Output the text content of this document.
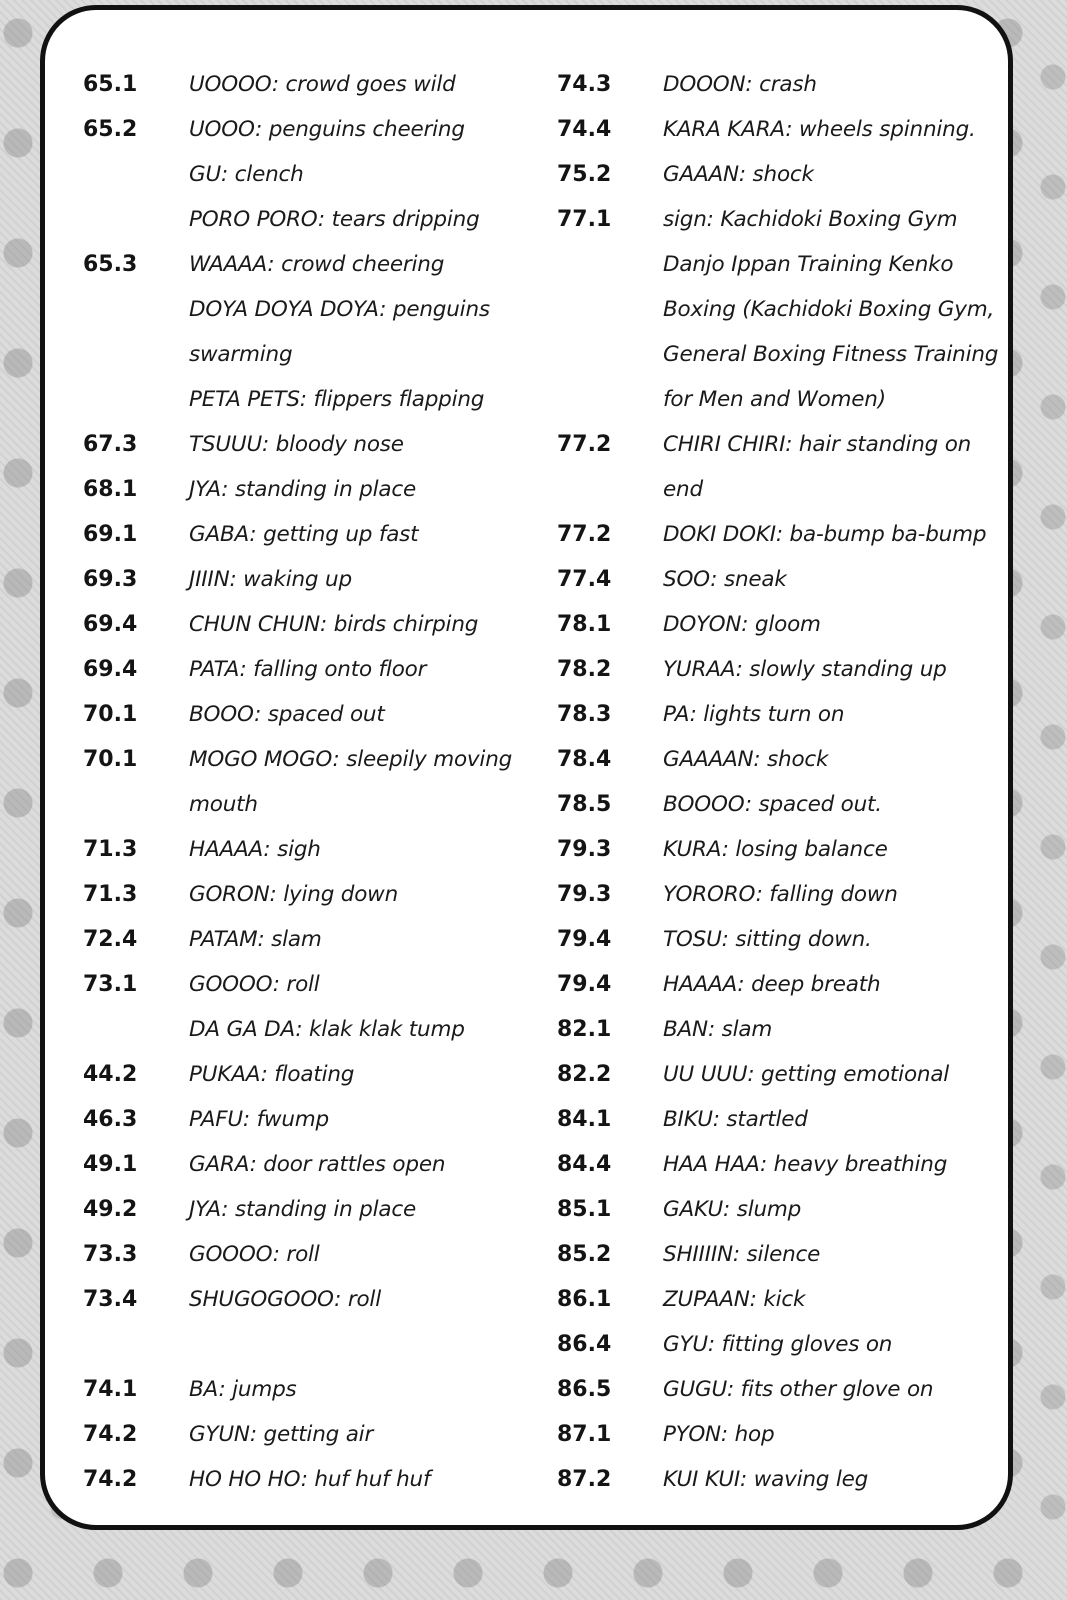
65.1 UOOOO: crowd goes wild
65.2 UOOO: penguins cheering
GU: clench
PORO PORO: tears dripping
65.3 WAAAA: crowd cheering
DOYA DOYA DOYA: penguins
swarming
PETA PETS: flippers flapping
67.3 TSUUU: bloody nose
68.1 JYA: standing in place
69.1 GABA: getting up fast
69.3 JIIIN: waking up
69.4 CHUN CHUN: birds chirping
69.4 PATA: falling onto floor
70.1 BOOO: spaced out
70.1 MOGO MOGO: sleepily moving
mouth
71.3 HAAAA: sigh
71.3 GORON: lying down
72.4 PATAM: slam
73.1 GOOOO: roll
DA GA DA: klak klak tump
44.2 PUKAA: floating
46.3 PAFU: fwump
49.1 GARA: door rattles open
49.2 JYA: standing in place
73.3 GOOOO: roll
73.4 SHUGOGOOO: roll
74.1 BA: jumps
74.2 GYUN: getting air
74.2 HO HO HO: huf huf huf
74.3 DOOON: crash
74.4 KARA KARA: wheels spinning.
75.2 GAAAN: shock
77.1 sign: Kachidoki Boxing Gym
Danjo Ippan Training Kenko
Boxing (Kachidoki Boxing Gym,
General Boxing Fitness Training
for Men and Women)
77.2 CHIRI CHIRI: hair standing on
end
77.2 DOKI DOKI: ba-bump ba-bump
77.4 SOO: sneak
78.1 DOYON: gloom
78.2 YURAA: slowly standing up
78.3 PA: lights turn on
78.4 GAAAAN: shock
78.5 BOOOO: spaced out.
79.3 KURA: losing balance
79.3 YORORO: falling down
79.4 TOSU: sitting down.
79.4 HAAAA: deep breath
82.1 BAN: slam
82.2 UU UUU: getting emotional
84.1 BIKU: startled
84.4 HAA HAA: heavy breathing
85.1 GAKU: slump
85.2 SHIIIIN: silence
86.1 ZUPAAN: kick
86.4 GYU: fitting gloves on
86.5 GUGU: fits other glove on
87.1 PYON: hop
87.2 KUI KUI: waving leg
